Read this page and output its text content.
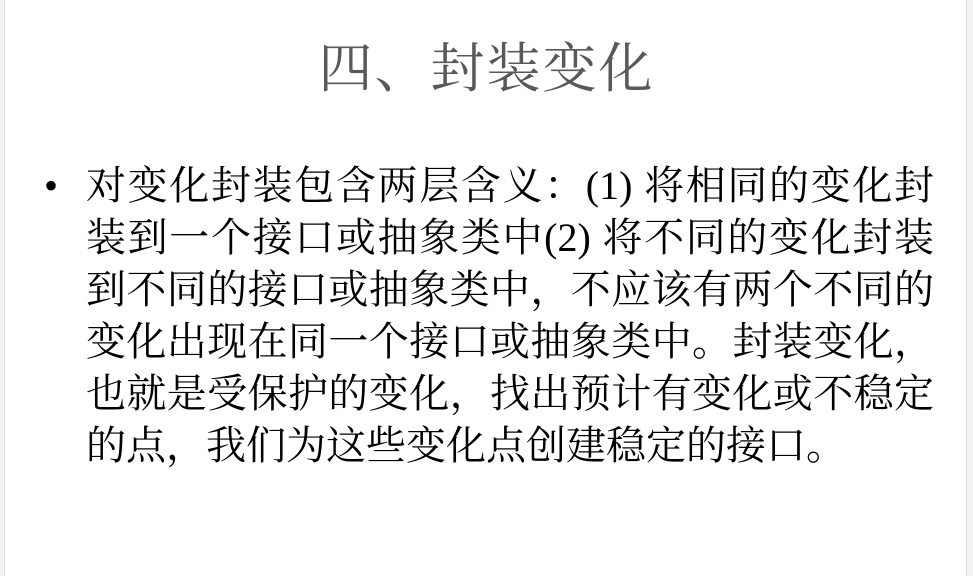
四、封装变化
• 对变化封装包含两层含义：(1) 将相同的变化封装到一个接口或抽象类中(2) 将不同的变化封装到不同的接口或抽象类中，不应该有两个不同的变化出现在同一个接口或抽象类中。封装变化，也就是受保护的变化，找出预计有变化或不稳定的点，我们为这些变化点创建稳定的接口。
